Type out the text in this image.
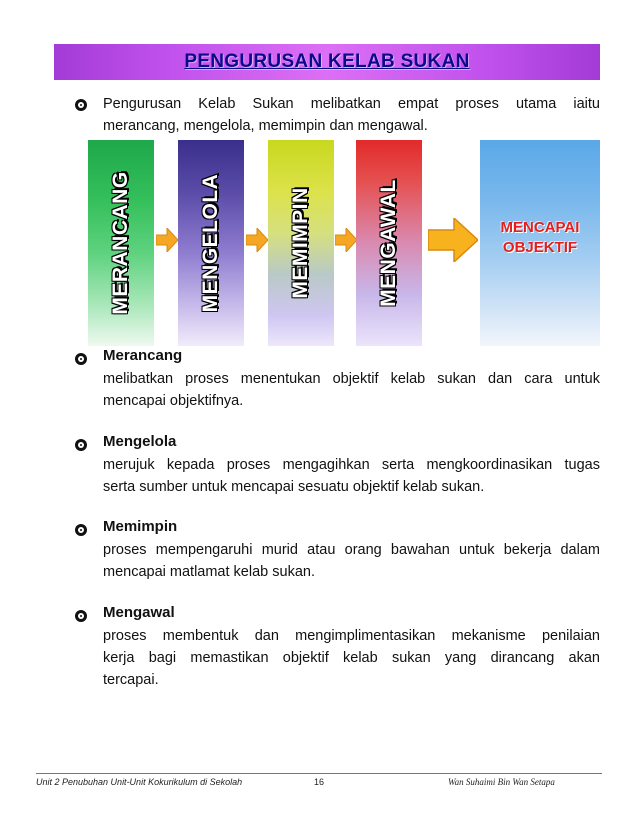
PENGURUSAN KELAB SUKAN
Pengurusan Kelab Sukan melibatkan empat proses utama iaitu
merancang, mengelola, memimpin dan mengawal.
MERANCANG	MENGELOLA	MEMIMPIN	MENGAWAL	MENCAPAI
OBJEKTIF
Merancang
melibatkan proses menentukan objektif kelab sukan dan cara untuk
mencapai objektifnya.
Mengelola
merujuk kepada proses mengagihkan serta mengkoordinasikan tugas
serta sumber untuk mencapai sesuatu objektif kelab sukan.
Memimpin
proses mempengaruhi murid atau orang bawahan untuk bekerja dalam
mencapai matlamat kelab sukan.
Mengawal
proses membentuk dan mengimplimentasikan mekanisme penilaian
kerja bagi memastikan objektif kelab sukan yang dirancang akan
tercapai.
Unit 2 Penubuhan Unit-Unit Kokurikulum di Sekolah	16	Wan Suhaimi Bin Wan Setapa
